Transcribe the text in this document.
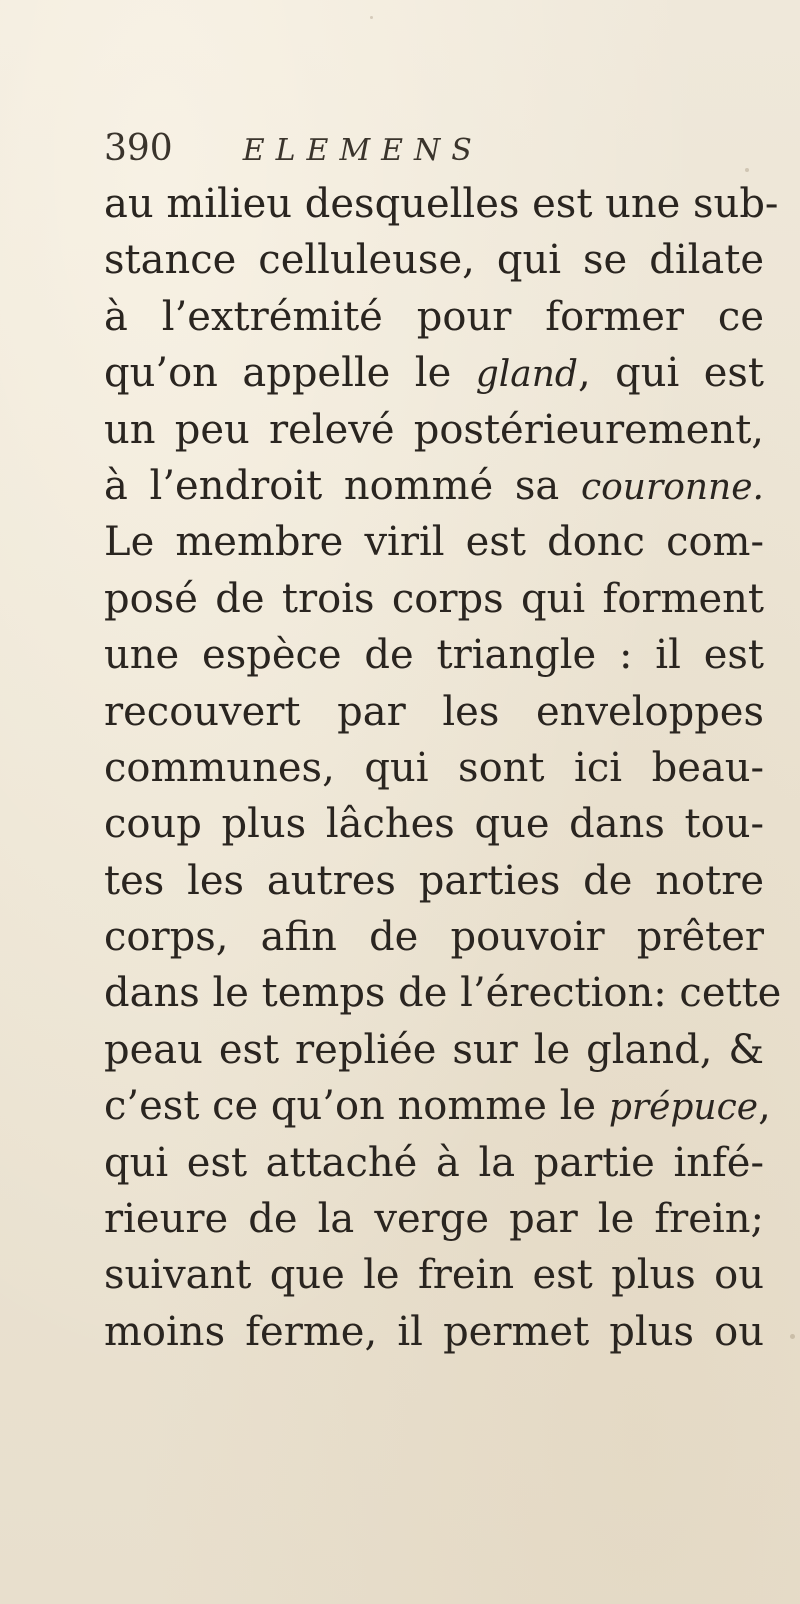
390 ELEMENS
au milieu desquelles est une sub-
stance celluleuse, qui se dilate
à l’extrémité pour former ce
qu’on appelle le gland, qui est
un peu relevé postérieurement,
à l’endroit nommé sa couronne.
Le membre viril est donc com-
posé de trois corps qui forment
une espèce de triangle : il est
recouvert par les enveloppes
communes, qui sont ici beau-
coup plus lâches que dans tou-
tes les autres parties de notre
corps, afin de pouvoir prêter
dans le temps de l’érection: cette
peau est repliée sur le gland, &
c’est ce qu’on nomme le prépuce,
qui est attaché à la partie infé-
rieure de la verge par le frein;
suivant que le frein est plus ou
moins ferme, il permet plus ou
